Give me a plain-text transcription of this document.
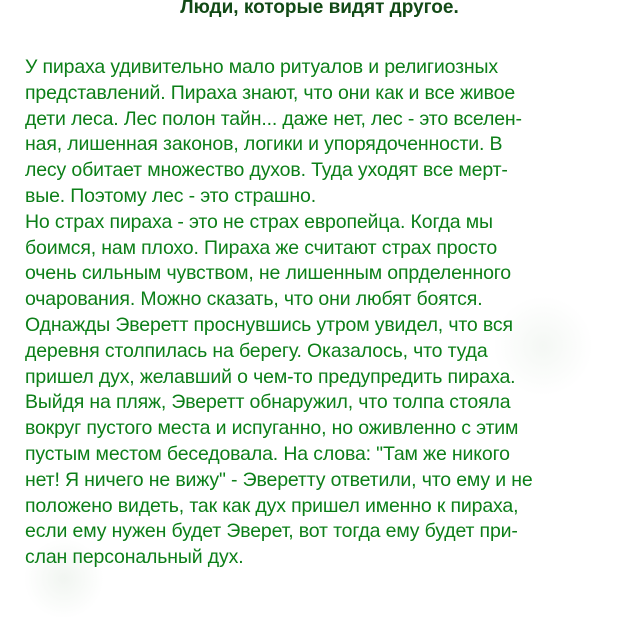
Люди, которые видят другое.
У пираха удивительно мало ритуалов и религиозных
представлений. Пираха знают, что они как и все живое
дети леса. Лес полон тайн... даже нет, лес - это вселен-
ная, лишенная законов, логики и упорядоченности. В
лесу обитает множество духов. Туда уходят все мерт-
вые. Поэтому лес - это страшно.
Но страх пираха - это не страх европейца. Когда мы
боимся, нам плохо. Пираха же считают страх просто
очень сильным чувством, не лишенным опрделенного
очарования. Можно сказать, что они любят боятся.
Однажды Эверетт проснувшись утром увидел, что вся
деревня столпилась на берегу. Оказалось, что туда
пришел дух, желавший о чем-то предупредить пираха.
Выйдя на пляж, Эверетт обнаружил, что толпа стояла
вокруг пустого места и испуганно, но оживленно с этим
пустым местом беседовала. На слова: "Там же никого
нет! Я ничего не вижу" - Эверетту ответили, что ему и не
положено видеть, так как дух пришел именно к пираха,
если ему нужен будет Эверет, вот тогда ему будет при-
слан персональный дух.
